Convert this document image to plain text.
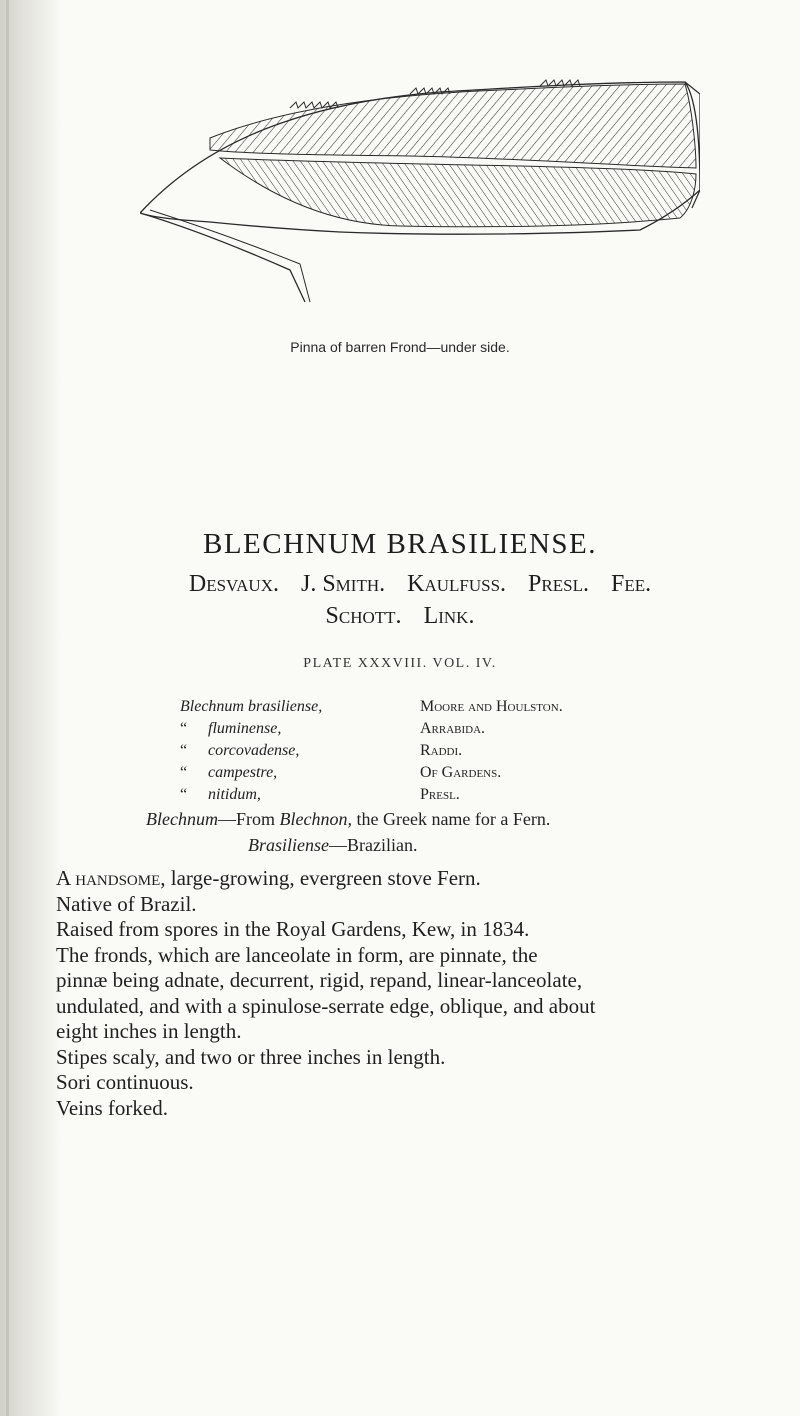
Pinna of barren Frond—under side.
BLECHNUM BRASILIENSE.
Desvaux. J. Smith. Kaulfuss. Presl. Fee.
Schott. Link.
PLATE XXXVIII. VOL. IV.
Blechnum brasiliense,
“ fluminense,
“ corcovadense,
“ campestre,
“ nitidum,
Moore and Houlston.
Arrabida.
Raddi.
Of Gardens.
Presl.
Blechnum—From Blechnon, the Greek name for a Fern.
Brasiliense—Brazilian.

A handsome, large-growing, evergreen stove Fern.

Native of Brazil.

Raised from spores in the Royal Gardens, Kew, in 1834.

The fronds, which are lanceolate in form, are pinnate, the

pinnæ being adnate, decurrent, rigid, repand, linear-lanceolate,

undulated, and with a spinulose-serrate edge, oblique, and about

eight inches in length.

Stipes scaly, and two or three inches in length.

Sori continuous.

Veins forked.
